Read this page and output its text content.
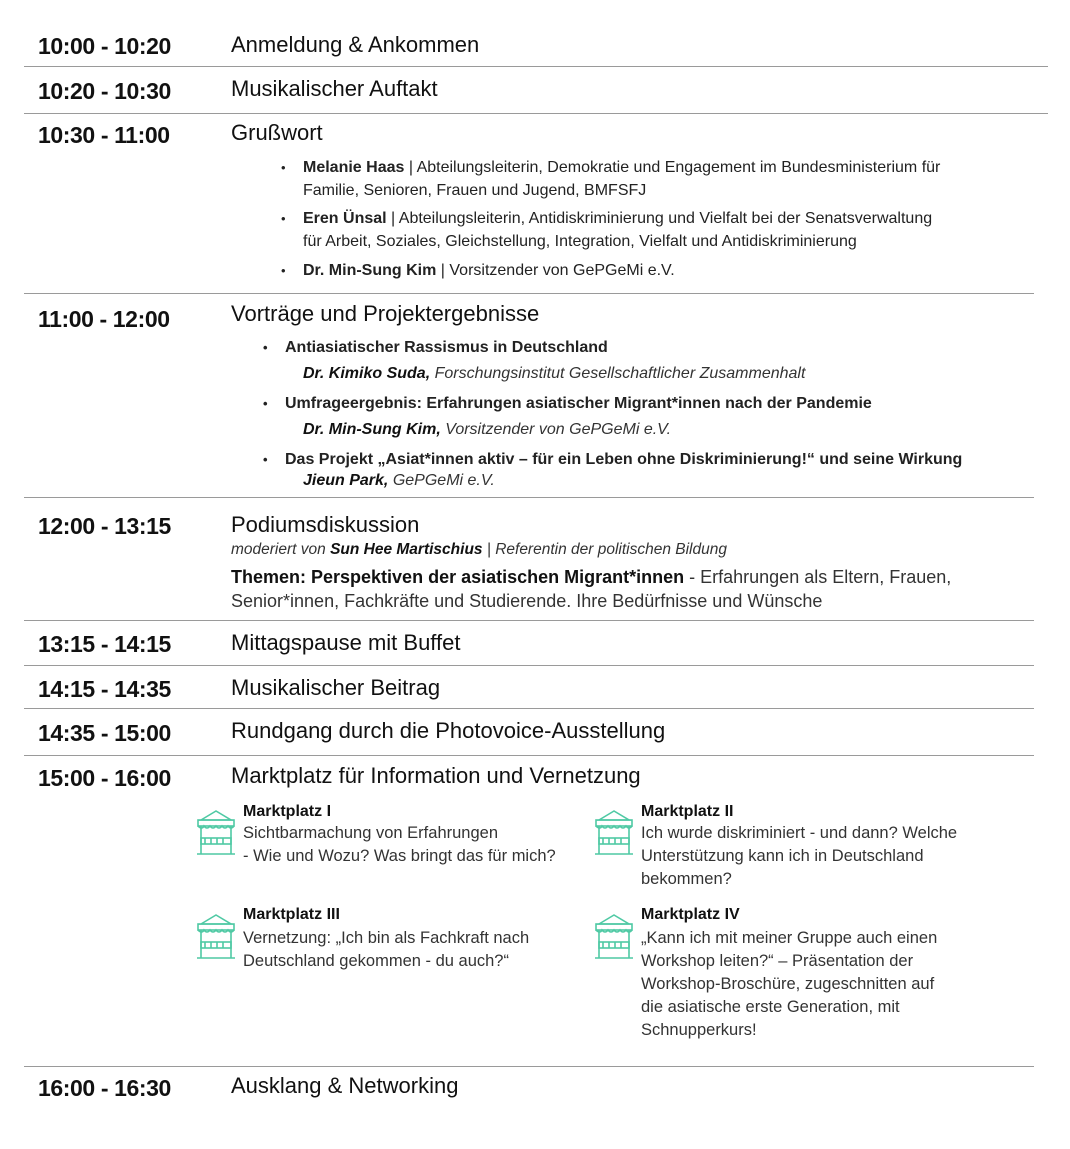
10:00 - 10:20	Anmeldung & Ankommen
10:20 - 10:30	Musikalischer Auftakt
10:30 - 11:00	Grußwort
• Melanie Haas | Abteilungsleiterin, Demokratie und Engagement im Bundesministerium für
Familie, Senioren, Frauen und Jugend, BMFSFJ
• Eren Ünsal | Abteilungsleiterin, Antidiskriminierung und Vielfalt bei der Senatsverwaltung
für Arbeit, Soziales, Gleichstellung, Integration, Vielfalt und Antidiskriminierung
• Dr. Min-Sung Kim | Vorsitzender von GePGeMi e.V.
11:00 - 12:00	Vorträge und Projektergebnisse
• Antiasiatischer Rassismus in Deutschland
Dr. Kimiko Suda, Forschungsinstitut Gesellschaftlicher Zusammenhalt
• Umfrageergebnis: Erfahrungen asiatischer Migrant*innen nach der Pandemie
Dr. Min-Sung Kim, Vorsitzender von GePGeMi e.V.
• Das Projekt „Asiat*innen aktiv – für ein Leben ohne Diskriminierung!“ und seine Wirkung
Jieun Park, GePGeMi e.V.
12:00 - 13:15	Podiumsdiskussion
moderiert von Sun Hee Martischius | Referentin der politischen Bildung
Themen: Perspektiven der asiatischen Migrant*innen - Erfahrungen als Eltern, Frauen,
Senior*innen, Fachkräfte und Studierende. Ihre Bedürfnisse und Wünsche
13:15 - 14:15	Mittagspause mit Buffet
14:15 - 14:35	Musikalischer Beitrag
14:35 - 15:00	Rundgang durch die Photovoice-Ausstellung
15:00 - 16:00	Marktplatz für Information und Vernetzung
Marktplatz I
Sichtbarmachung von Erfahrungen
- Wie und Wozu? Was bringt das für mich?
Marktplatz II
Ich wurde diskriminiert - und dann? Welche
Unterstützung kann ich in Deutschland
bekommen?
Marktplatz III
Vernetzung: „Ich bin als Fachkraft nach
Deutschland gekommen - du auch?“
Marktplatz IV
„Kann ich mit meiner Gruppe auch einen
Workshop leiten?“ – Präsentation der
Workshop-Broschüre, zugeschnitten auf
die asiatische erste Generation, mit
Schnupperkurs!
16:00 - 16:30	Ausklang & Networking
